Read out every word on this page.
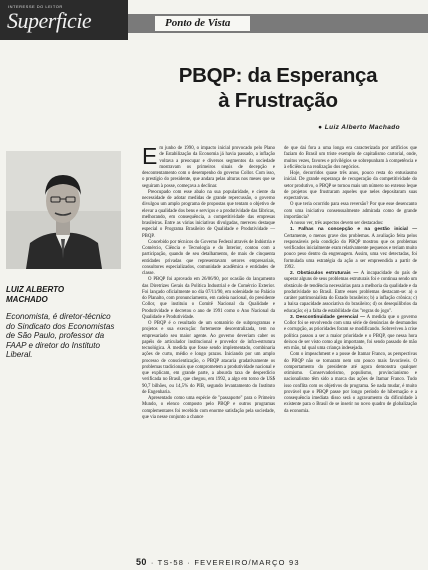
INTERESSE DO LEITOR
Superficie	Ponto de Vista
LUIZ ALBERTO
MACHADO
Economista, é diretor-técnico do Sindicato dos Economistas de São Paulo, professor da FAAP e diretor do Instituto Liberal.
PBQP: da Esperança
à Frustração
● Luiz Alberto Machado

Em junho de 1990, o impacto inicial provocado pelo Plano de Estabilização da Economia já havia passado, a inflação voltava a preocupar e diversos segmentos da sociedade mostravam os primeiros sinais de decepção e descontentamento com o desempenho do governo Collor. Com isso, o prestígio do presidente, que andara pelas alturas nos meses que se seguiram à posse, começava a declinar.

Preocupado com esse abalo na sua popularidade, e ciente da necessidade de adotar medidas de grande repercussão, o governo divulgou um amplo programa de propostas que tentam o objetivo de elevar a qualidade dos bens e serviços e a produtividade das fábricas, melhorando, em consequência, a competitividade das empresas brasileiras. Entre as várias iniciativas divulgadas, mereceu destaque especial o Programa Brasileiro de Qualidade e Produtividade — PBQP.

Concebido por técnicos do Governo Federal através de Indústria e Comércio, Ciência e Tecnologia e do Interior, contou com a participação, quando de seu detalhamento, de mais de cinquenta entidades privadas que representavam setores empresariais, consultores especializados, comunidade acadêmica e entidades de classe.

O PBQP foi aprovado em 26/06/90, por ocasião do lançamento das Diretrizes Gerais da Política Industrial e de Comércio Exterior. Foi lançado oficialmente no dia 07/11/90, em solenidade no Palácio do Planalto, com pronunciamento, em cadeia nacional, do presidente Collor, que instituiu o Comitê Nacional da Qualidade e Produtividade e decretou o ano de 1991 como o Ano Nacional da Qualidade e Produtividade.

O PBQP é o resultado de um somatório de subprogramas e projetos e sua execução: fortemente descentralizada, tem no empresariado seu maior agente. Ao governo deveriam caber os papéis de articulador institucional e provedor de infra-estrutura tecnológica. À medida que fosse sendo implementado, combinaria ações de curto, médio e longo prazos. Iniciando por um amplo processo de conscientização, o PBQP atacaria gradativamente os problemas tradicionais que comprometem a produtividade nacional e que explicam, em grande parte, a absurda taxa de desperdício verificada no Brasil, que chegou, em 1992, a algo em torno de US$ 90,7 bilhões, ou 14,5% do PIB, segundo levantamento do Instituto de Engenharia.

Apresentado como uma espécie de "passaporte" para o Primeiro Mundo, o elenco composto pelo PBQP e outros programas complementares foi recebido com enorme satisfação pela sociedade, que via nesse conjunto a chance

de que daí fora a uma longa era caracterizada por artifícios que faziam do Brasil um triste exemplo de capitalismo cartorial, onde, muitos vezes, favores e privilégios se sobrepunham à competência e à eficiência na realização dos negócios.

Hoje, decorridos quase três anos, pouco resta do entusiasmo inicial. De grande esperança de recuperação da competitividade do setor produtivo, o PBQP se tornou mais um número no extenso leque de projetos que frustraram aqueles que neles depositaram suas expectativas.

O que teria ocorrido para essa reversão? Por que esse desencanto com uma iniciativa consensualmente admirada como de grande importância?

A nosso ver, três aspectos devem ser destacados:

1. Falhas na concepção e na gestão inicial — Certamente, o menos grave dos problemas. A avaliação feita pelos responsáveis pela condição do PBQP mostrou que os problemas verificados inicialmente eram relativamente pequenos e teriam muito pouco peso dentro da engrenagem. Assim, uma vez detectadas, foi formulada uma estratégia da ação a ser empreendida a partir de 1992.

2. Obstáculos estruturais — A incapacidade do país de superar alguns de seus problemas estruturais foi e continua sendo um obstáculo de tendência necessárias para a melhoria da qualidade e da produtividade no Brasil. Entre esses problemas destacam-se: a) o caráter patrimonialista do Estado brasileiro; b) a inflação crônica; c) a baixa capacidade associativa do brasileiro; d) os desequilíbrios da educação; e) a falta de estabilidade das "regras do jogo".

3. Descontinuidade gerencial — A medida que o governo Collor foi se envolvendo com uma série de denúncias de desmandos e corrupção, as prioridades foram se modificando. Sobreviveu à crise política passou a ser a maior prioridade e o PBQP, que nessa hora deixou de ser visto como algo importante, foi sendo passado de mão em mão, tal qual uma criança indesejada.

Com o impeachment e a posse de Itamar Franco, as perspectivas do PBQP não se tornaram nem um pouco mais favoráveis. O comportamento do presidente até agora demonstra qualquer otimismo. Conservadorismo, populismo, provincianismo e nacionalismo têm sido a marca das ações de Itamar Franco. Tudo isso conflita com os objetivos do programa. Se nada mudar, é muito provável que o PBQP passe por longo período de hibernação e a consequência imediata disso será o agravamento da dificuldade à existente para o Brasil de se inserir no novo quadro de globalização da economia.

50 · TS-58 · FEVEREIRO/MARÇO 93
